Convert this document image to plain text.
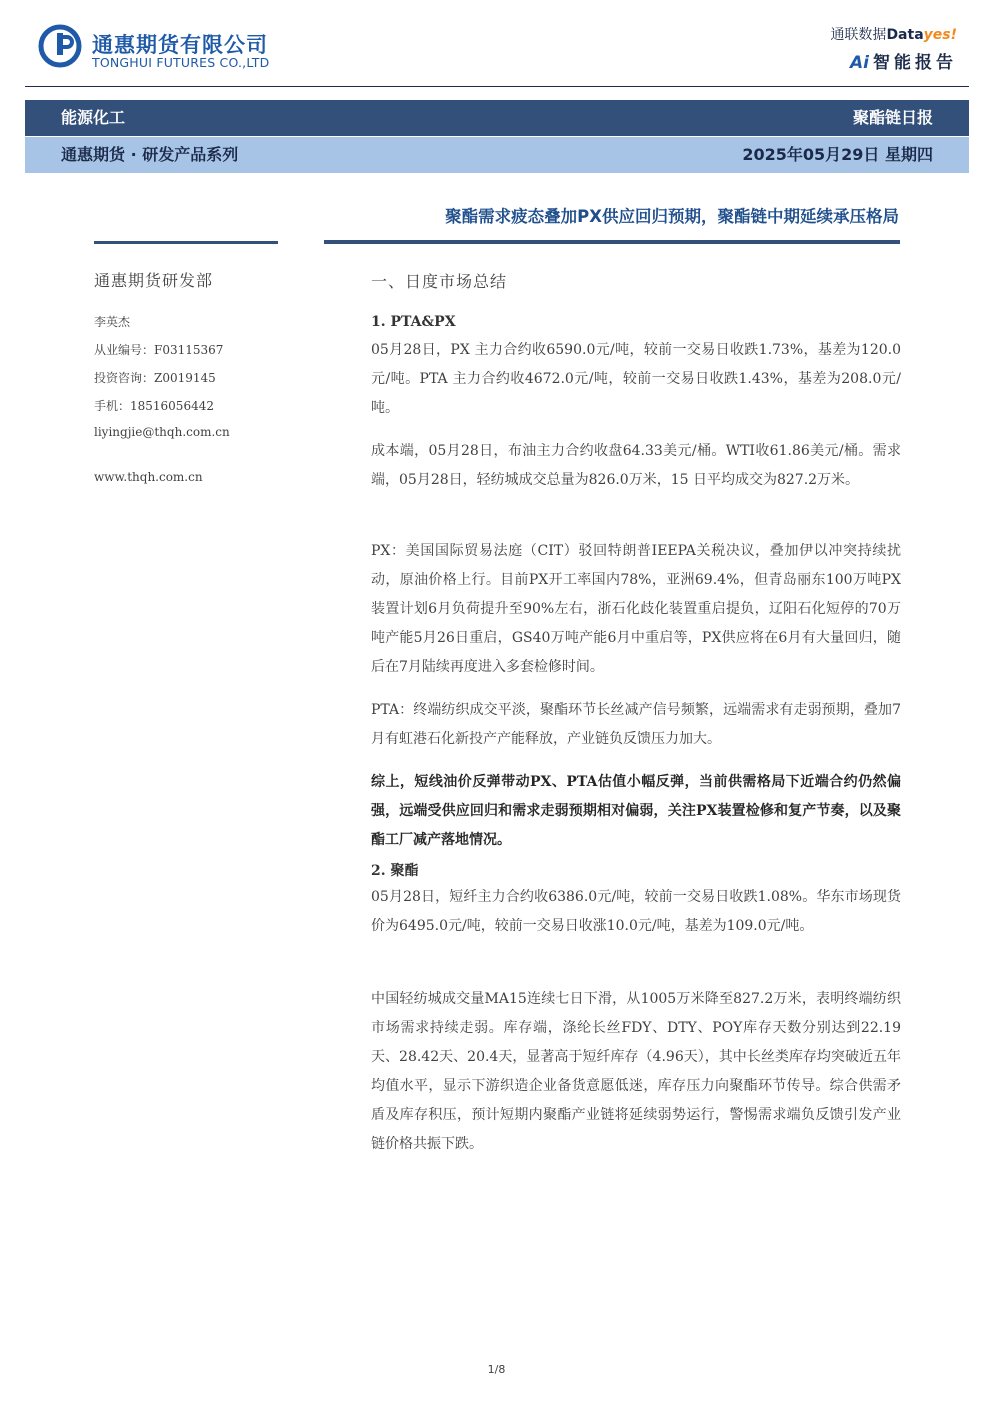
通惠期货有限公司
TONGHUI FUTURES CO.,LTD
通联数据Datayes!
Ai 智能报告
能源化工	聚酯链日报
通惠期货 · 研发产品系列	2025年05月29日 星期四
聚酯需求疲态叠加PX供应回归预期，聚酯链中期延续承压格局
通惠期货研发部
李英杰
从业编号：F03115367
投资咨询：Z0019145
手机：18516056442
liyingjie@thqh.com.cn
www.thqh.com.cn
一、日度市场总结
1. PTA&PX
05月28日，PX 主力合约收6590.0元/吨，较前一交易日收跌1.73%，基差为120.0元/吨。PTA 主力合约收4672.0元/吨，较前一交易日收跌1.43%，基差为208.0元/吨。
成本端，05月28日，布油主力合约收盘64.33美元/桶。WTI收61.86美元/桶。需求端，05月28日，轻纺城成交总量为826.0万米，15 日平均成交为827.2万米。
PX：美国国际贸易法庭（CIT）驳回特朗普IEEPA关税决议，叠加伊以冲突持续扰动，原油价格上行。目前PX开工率国内78%，亚洲69.4%，但青岛丽东100万吨PX装置计划6月负荷提升至90%左右，浙石化歧化装置重启提负，辽阳石化短停的70万吨产能5月26日重启，GS40万吨产能6月中重启等，PX供应将在6月有大量回归，随后在7月陆续再度进入多套检修时间。
PTA：终端纺织成交平淡，聚酯环节长丝减产信号频繁，远端需求有走弱预期，叠加7月有虹港石化新投产产能释放，产业链负反馈压力加大。
综上，短线油价反弹带动PX、PTA估值小幅反弹，当前供需格局下近端合约仍然偏强，远端受供应回归和需求走弱预期相对偏弱，关注PX装置检修和复产节奏，以及聚酯工厂减产落地情况。
2. 聚酯
05月28日，短纤主力合约收6386.0元/吨，较前一交易日收跌1.08%。华东市场现货价为6495.0元/吨，较前一交易日收涨10.0元/吨，基差为109.0元/吨。
中国轻纺城成交量MA15连续七日下滑，从1005万米降至827.2万米，表明终端纺织市场需求持续走弱。库存端，涤纶长丝FDY、DTY、POY库存天数分别达到22.19天、28.42天、20.4天，显著高于短纤库存（4.96天），其中长丝类库存均突破近五年均值水平，显示下游织造企业备货意愿低迷，库存压力向聚酯环节传导。综合供需矛盾及库存积压，预计短期内聚酯产业链将延续弱势运行，警惕需求端负反馈引发产业链价格共振下跌。
1/8
